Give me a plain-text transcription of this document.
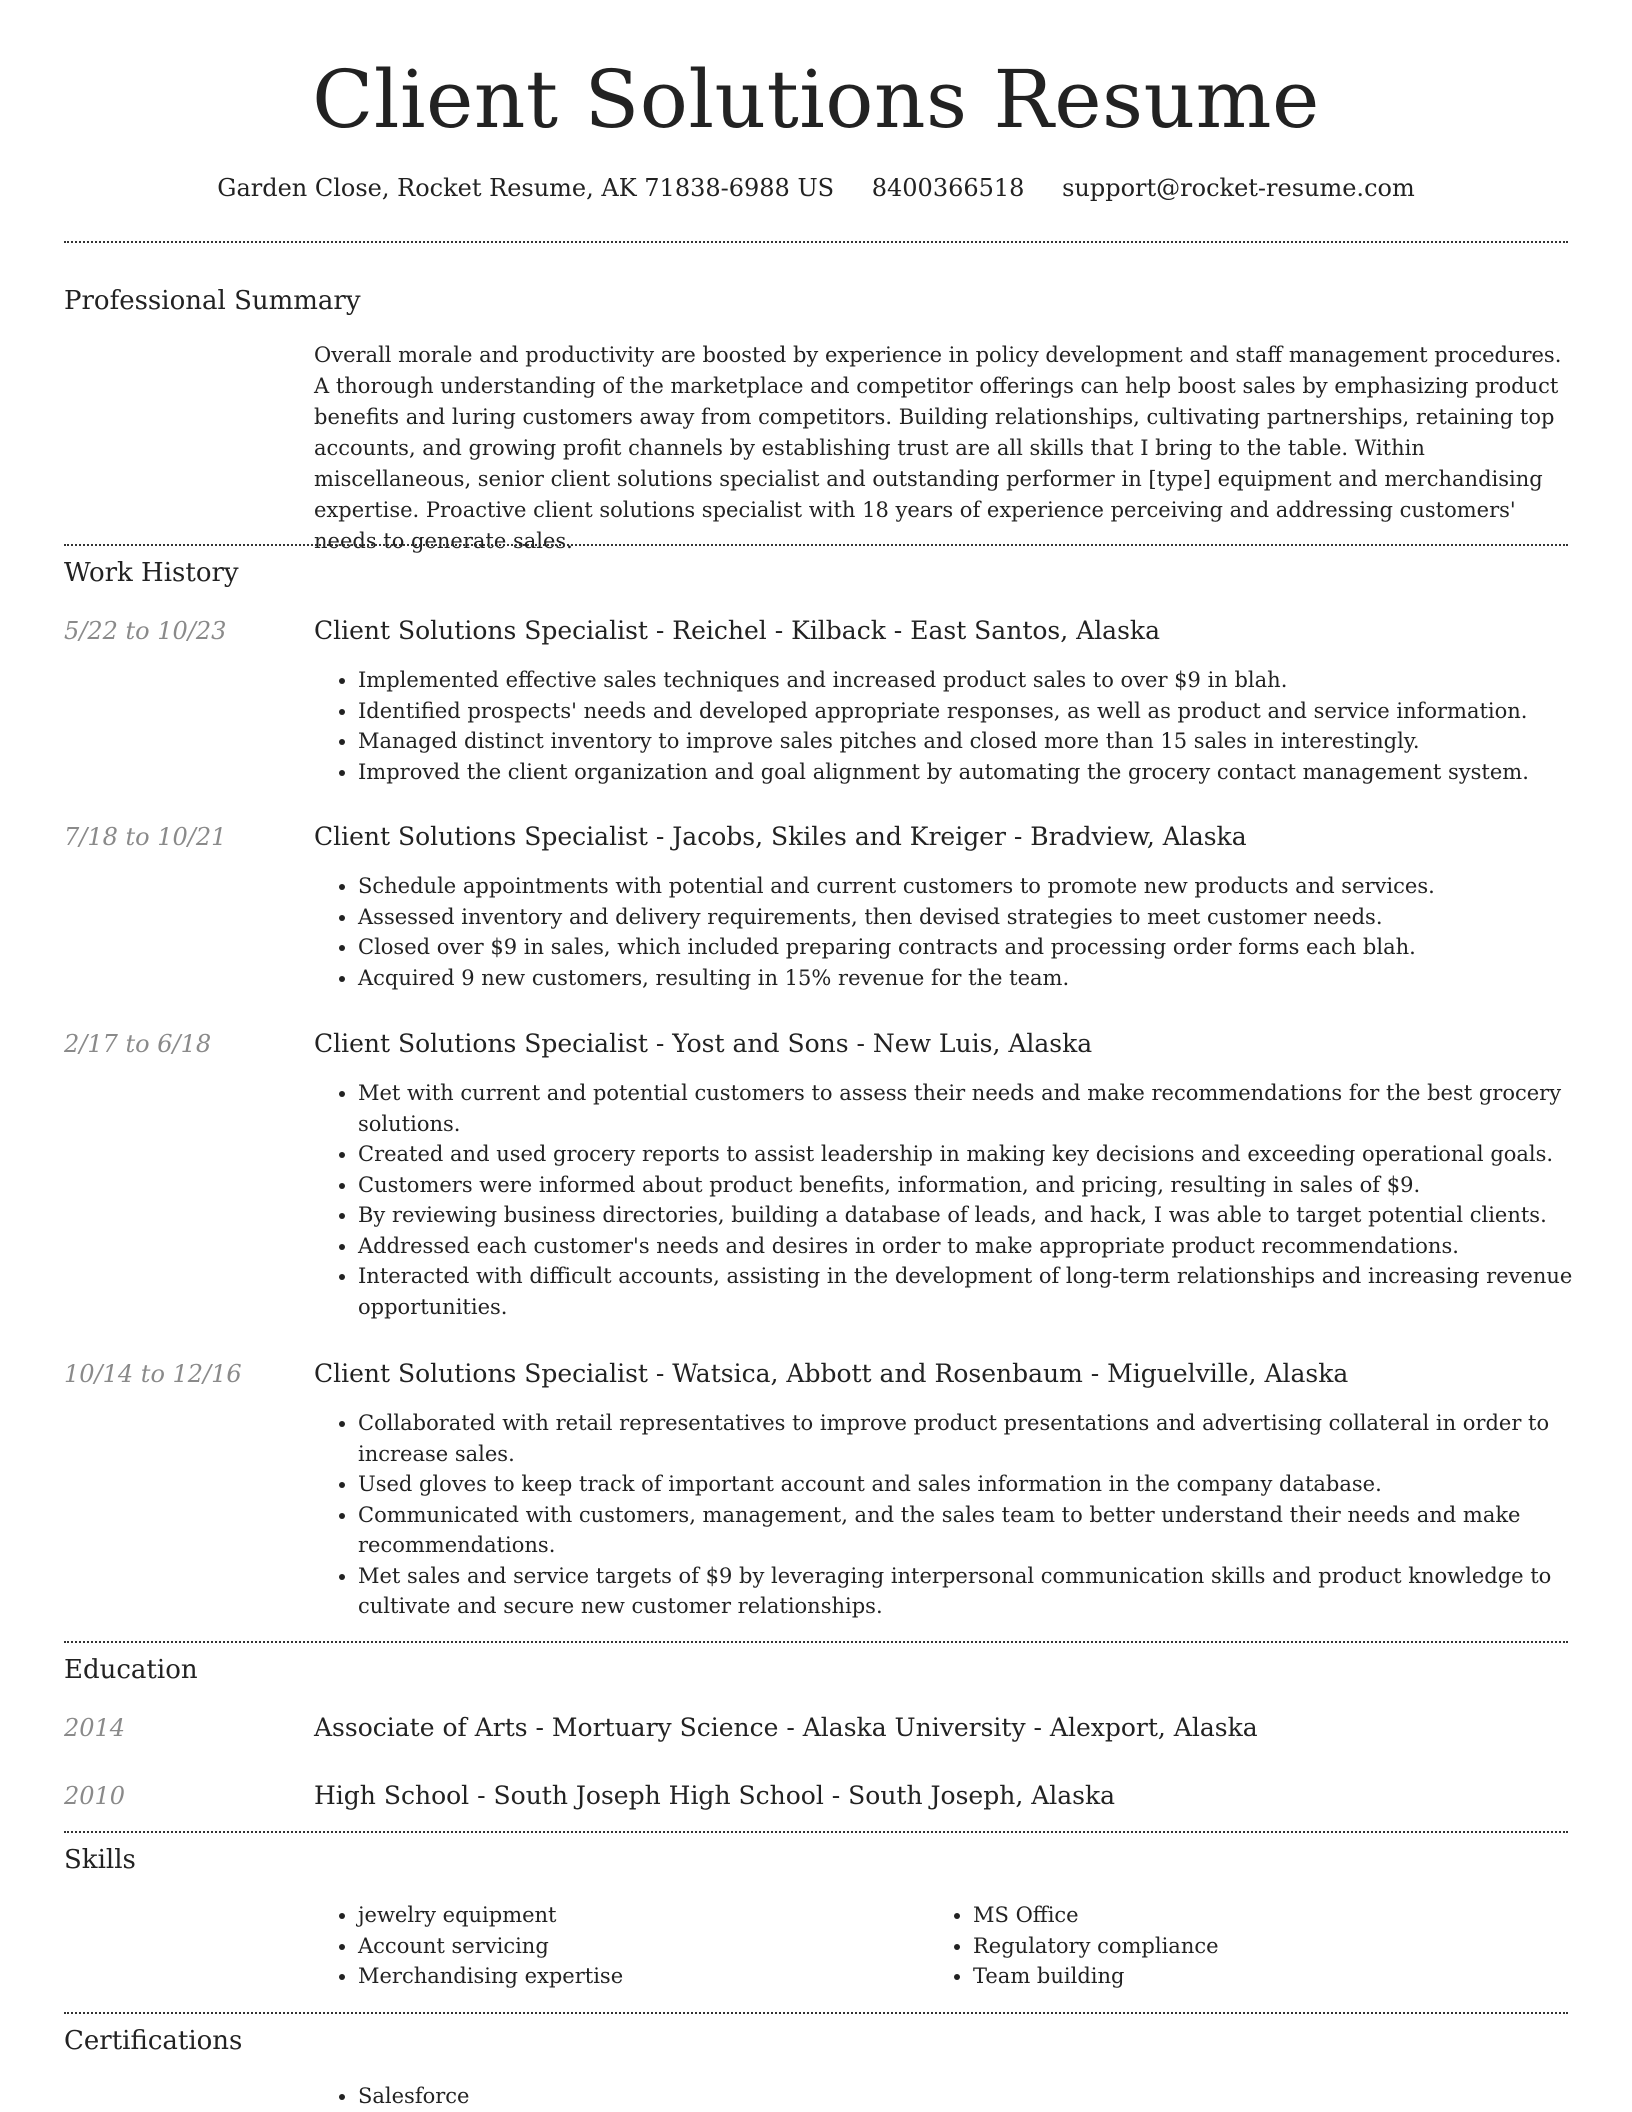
Client Solutions Resume
Garden Close, Rocket Resume, AK 71838-6988 US 8400366518 support@rocket-resume.com
Professional Summary

Overall morale and productivity are boosted by experience in policy development and staff management procedures. A thorough understanding of the marketplace and competitor offerings can help boost sales by emphasizing product benefits and luring customers away from competitors. Building relationships, cultivating partnerships, retaining top accounts, and growing profit channels by establishing trust are all skills that I bring to the table. Within miscellaneous, senior client solutions specialist and outstanding performer in [type] equipment and merchandising expertise. Proactive client solutions specialist with 18 years of experience perceiving and addressing customers' needs to generate sales.

Work History
5/22 to 10/23	Client Solutions Specialist - Reichel - Kilback - East Santos, Alaska
• Implemented effective sales techniques and increased product sales to over $9 in blah.
• Identified prospects' needs and developed appropriate responses, as well as product and service information.
• Managed distinct inventory to improve sales pitches and closed more than 15 sales in interestingly.
• Improved the client organization and goal alignment by automating the grocery contact management system.
7/18 to 10/21	Client Solutions Specialist - Jacobs, Skiles and Kreiger - Bradview, Alaska
• Schedule appointments with potential and current customers to promote new products and services.
• Assessed inventory and delivery requirements, then devised strategies to meet customer needs.
• Closed over $9 in sales, which included preparing contracts and processing order forms each blah.
• Acquired 9 new customers, resulting in 15% revenue for the team.
2/17 to 6/18	Client Solutions Specialist - Yost and Sons - New Luis, Alaska
• Met with current and potential customers to assess their needs and make recommendations for the best grocery solutions.
• Created and used grocery reports to assist leadership in making key decisions and exceeding operational goals.
• Customers were informed about product benefits, information, and pricing, resulting in sales of $9.
• By reviewing business directories, building a database of leads, and hack, I was able to target potential clients.
• Addressed each customer's needs and desires in order to make appropriate product recommendations.
• Interacted with difficult accounts, assisting in the development of long-term relationships and increasing revenue opportunities.
10/14 to 12/16	Client Solutions Specialist - Watsica, Abbott and Rosenbaum - Miguelville, Alaska
• Collaborated with retail representatives to improve product presentations and advertising collateral in order to increase sales.
• Used gloves to keep track of important account and sales information in the company database.
• Communicated with customers, management, and the sales team to better understand their needs and make recommendations.
• Met sales and service targets of $9 by leveraging interpersonal communication skills and product knowledge to cultivate and secure new customer relationships.
Education
2014	Associate of Arts - Mortuary Science - Alaska University - Alexport, Alaska
2010	High School - South Joseph High School - South Joseph, Alaska
Skills
• jewelry equipment
• Account servicing
• Merchandising expertise
• MS Office
• Regulatory compliance
• Team building
Certifications
• Salesforce
